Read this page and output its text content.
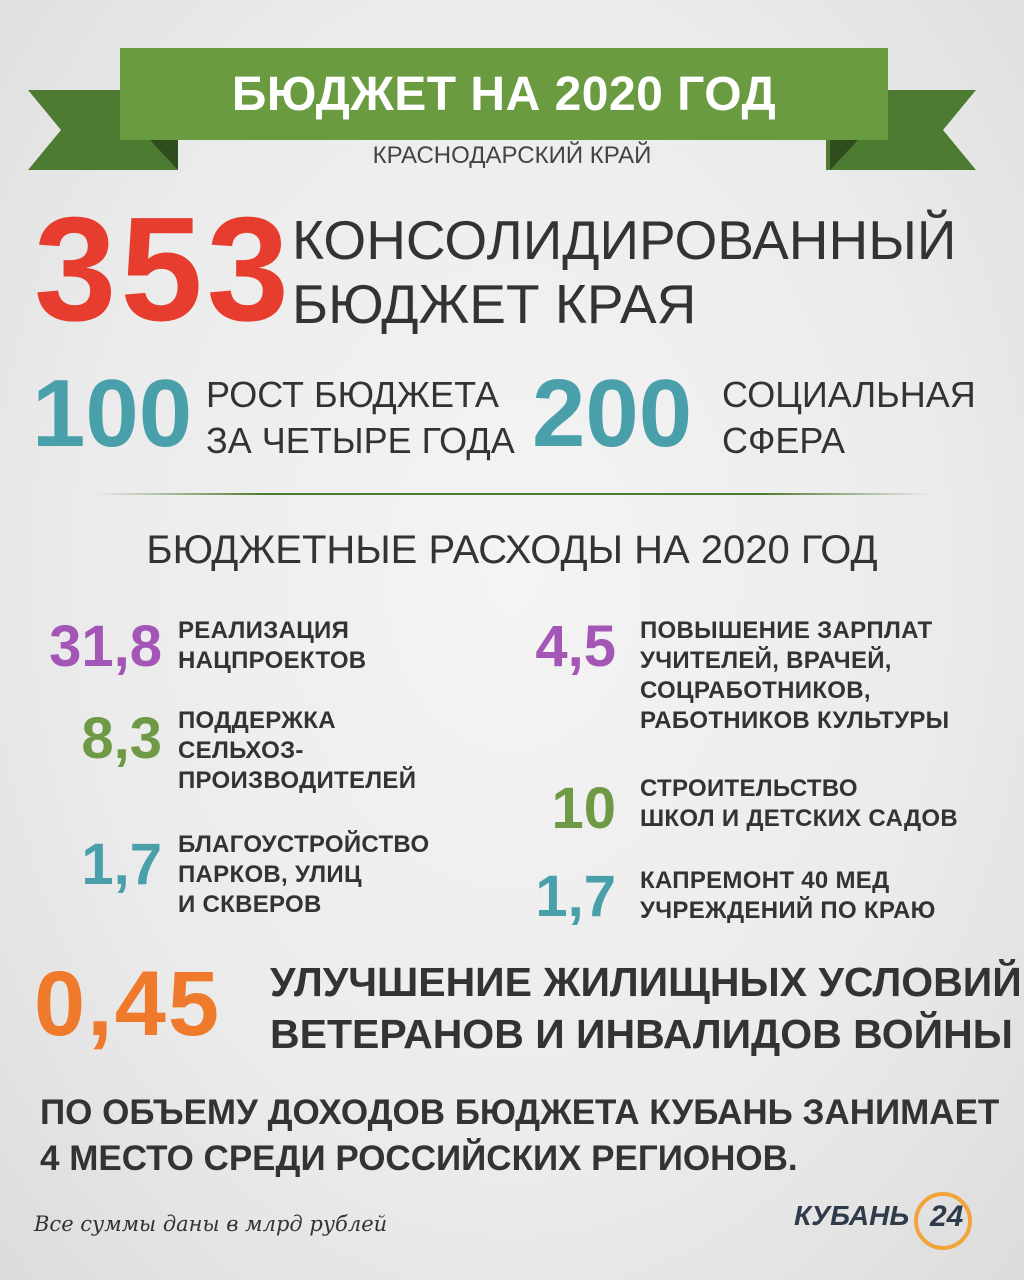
БЮДЖЕТ НА 2020 ГОД
КРАСНОДАРСКИЙ КРАЙ
353 КОНСОЛИДИРОВАННЫЙ
БЮДЖЕТ КРАЯ
100 РОСТ БЮДЖЕТА
ЗА ЧЕТЫРЕ ГОДА 200 СОЦИАЛЬНАЯ
СФЕРА
БЮДЖЕТНЫЕ РАСХОДЫ НА 2020 ГОД
31,8 РЕАЛИЗАЦИЯ
НАЦПРОЕКТОВ
8,3 ПОДДЕРЖКА
СЕЛЬХОЗ-
ПРОИЗВОДИТЕЛЕЙ
1,7 БЛАГОУСТРОЙСТВО
ПАРКОВ, УЛИЦ
И СКВЕРОВ
4,5 ПОВЫШЕНИЕ ЗАРПЛАТ
УЧИТЕЛЕЙ, ВРАЧЕЙ,
СОЦРАБОТНИКОВ,
РАБОТНИКОВ КУЛЬТУРЫ
10 СТРОИТЕЛЬСТВО
ШКОЛ И ДЕТСКИХ САДОВ
1,7 КАПРЕМОНТ 40 МЕД
УЧРЕЖДЕНИЙ ПО КРАЮ
0,45 УЛУЧШЕНИЕ ЖИЛИЩНЫХ УСЛОВИЙ
ВЕТЕРАНОВ И ИНВАЛИДОВ ВОЙНЫ
ПО ОБЪЕМУ ДОХОДОВ БЮДЖЕТА КУБАНЬ ЗАНИМАЕТ
4 МЕСТО СРЕДИ РОССИЙСКИХ РЕГИОНОВ.
Все суммы даны в млрд рублей	КУБАНЬ 24
